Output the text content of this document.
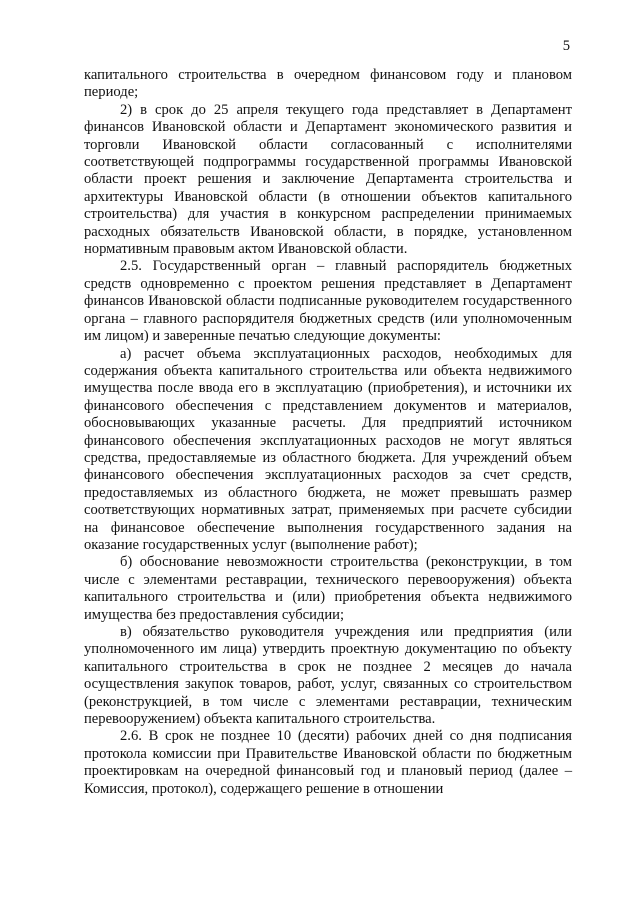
5

капитального строительства в очередном финансовом году и плановом периоде;

2) в срок до 25 апреля текущего года представляет в Департамент финансов Ивановской области и Департамент экономического развития и торговли Ивановской области согласованный с исполнителями соответствующей подпрограммы государственной программы Ивановской области проект решения и заключение Департамента строительства и архитектуры Ивановской области (в отношении объектов капитального строительства) для участия в конкурсном распределении принимаемых расходных обязательств Ивановской области, в порядке, установленном нормативным правовым актом Ивановской области.

2.5. Государственный орган – главный распорядитель бюджетных средств одновременно с проектом решения представляет в Департамент финансов Ивановской области подписанные руководителем государственного органа – главного распорядителя бюджетных средств (или уполномоченным им лицом) и заверенные печатью следующие документы:

а) расчет объема эксплуатационных расходов, необходимых для содержания объекта капитального строительства или объекта недвижимого имущества после ввода его в эксплуатацию (приобретения), и источники их финансового обеспечения с представлением документов и материалов, обосновывающих указанные расчеты. Для предприятий источником финансового обеспечения эксплуатационных расходов не могут являться средства, предоставляемые из областного бюджета. Для учреждений объем финансового обеспечения эксплуатационных расходов за счет средств, предоставляемых из областного бюджета, не может превышать размер соответствующих нормативных затрат, применяемых при расчете субсидии на финансовое обеспечение выполнения государственного задания на оказание государственных услуг (выполнение работ);

б) обоснование невозможности строительства (реконструкции, в том числе с элементами реставрации, технического перевооружения) объекта капитального строительства и (или) приобретения объекта недвижимого имущества без предоставления субсидии;

в) обязательство руководителя учреждения или предприятия (или уполномоченного им лица) утвердить проектную документацию по объекту капитального строительства в срок не позднее 2 месяцев до начала осуществления закупок товаров, работ, услуг, связанных со строительством (реконструкцией, в том числе с элементами реставрации, техническим перевооружением) объекта капитального строительства.

2.6. В срок не позднее 10 (десяти) рабочих дней со дня подписания протокола комиссии при Правительстве Ивановской области по бюджетным проектировкам на очередной финансовый год и плановый период (далее – Комиссия, протокол), содержащего решение в отношении
